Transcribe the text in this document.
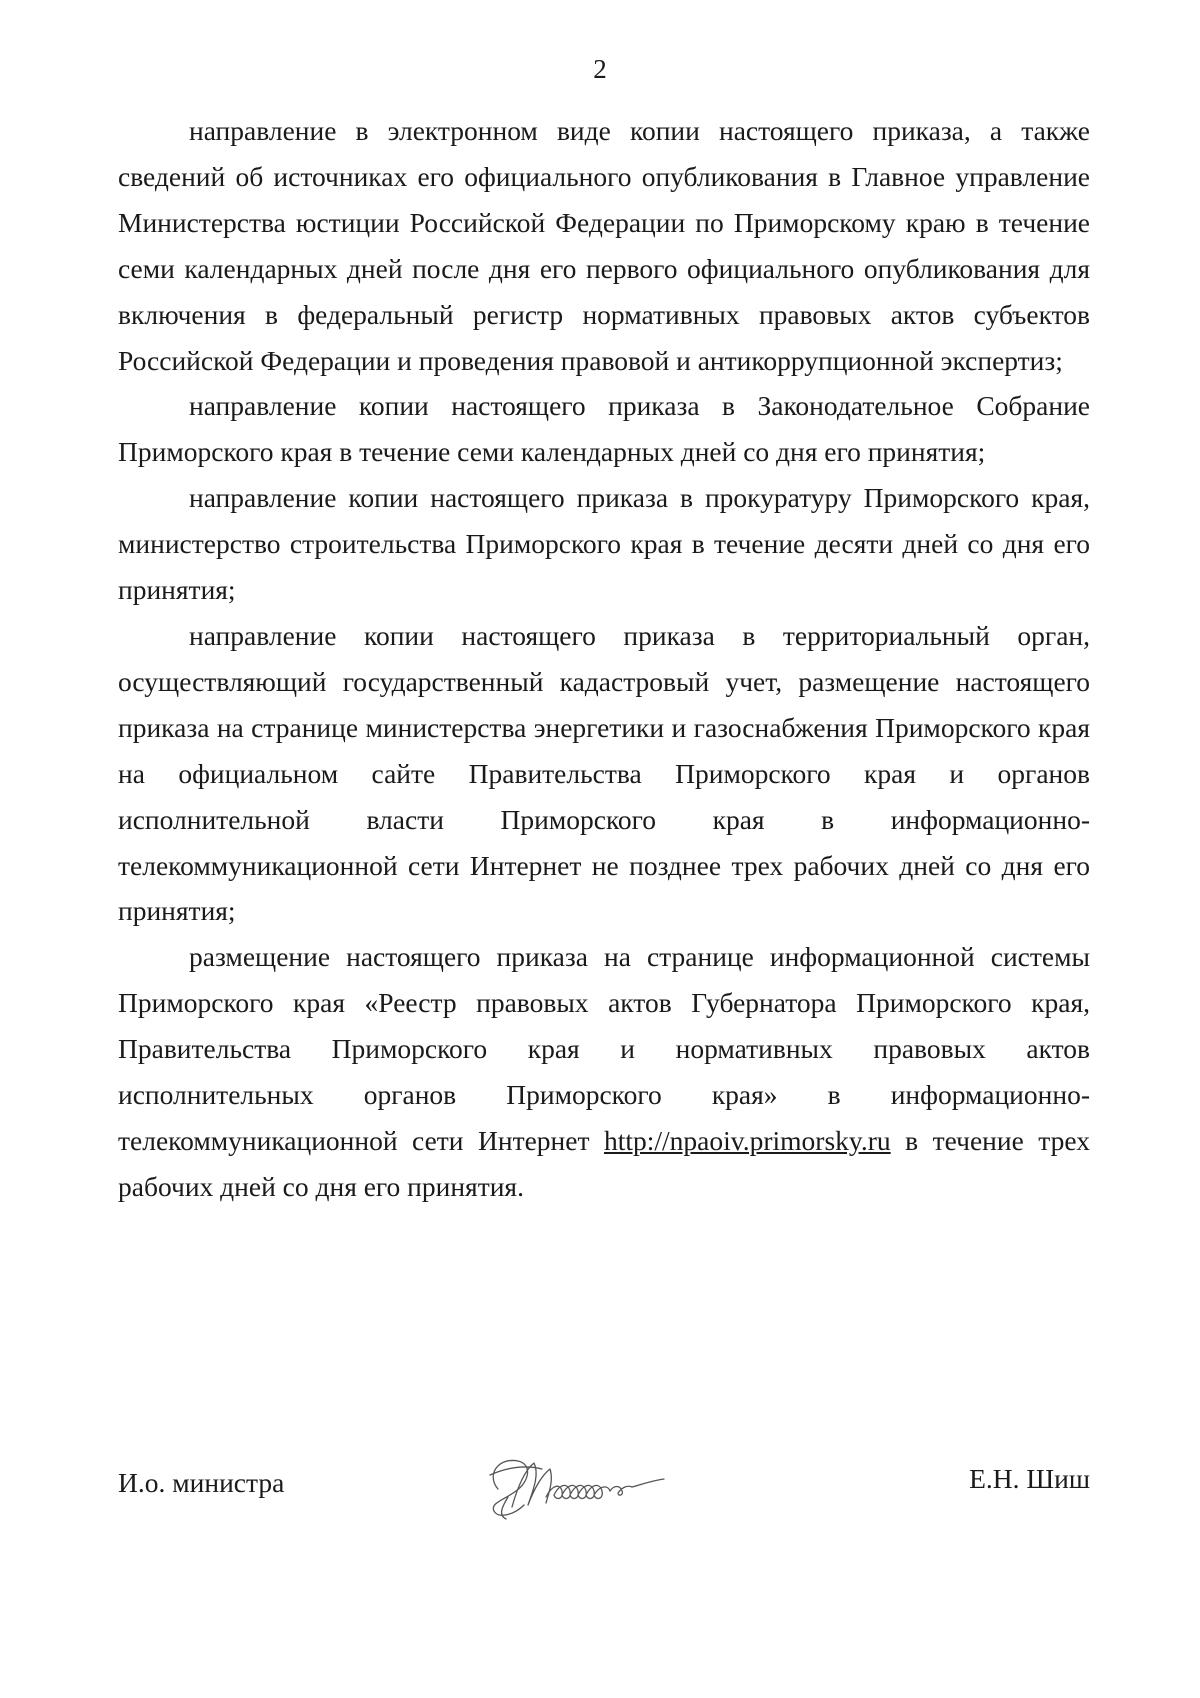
2

направление в электронном виде копии настоящего приказа, а также сведений об источниках его официального опубликования в Главное управление Министерства юстиции Российской Федерации по Приморскому краю в течение семи календарных дней после дня его первого официального опубликования для включения в федеральный регистр нормативных правовых актов субъектов Российской Федерации и проведения правовой и антикоррупционной экспертиз;

направление копии настоящего приказа в Законодательное Собрание Приморского края в течение семи календарных дней со дня его принятия;

направление копии настоящего приказа в прокуратуру Приморского края, министерство строительства Приморского края в течение десяти дней со дня его принятия;

направление копии настоящего приказа в территориальный орган, осуществляющий государственный кадастровый учет, размещение настоящего приказа на странице министерства энергетики и газоснабжения Приморского края на официальном сайте Правительства Приморского края и органов исполнительной власти Приморского края в информационно-телекоммуникационной сети Интернет не позднее трех рабочих дней со дня его принятия;

размещение настоящего приказа на странице информационной системы Приморского края «Реестр правовых актов Губернатора Приморского края, Правительства Приморского края и нормативных правовых актов исполнительных органов Приморского края» в информационно-телекоммуникационной сети Интернет http://npaoiv.primorsky.ru в течение трех рабочих дней со дня его принятия.

И.о. министра	Е.Н. Шиш
